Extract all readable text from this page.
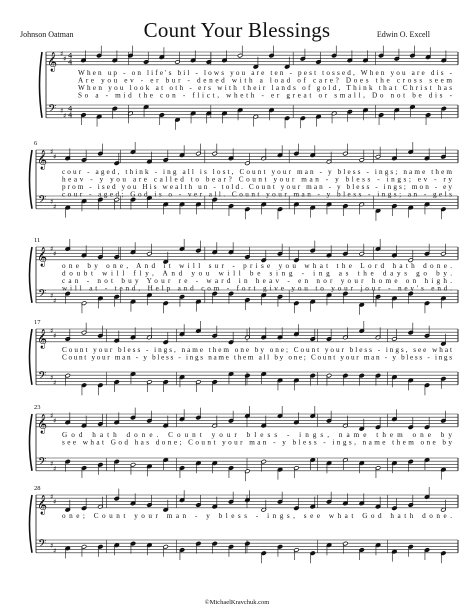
Count Your Blessings
Johnson Oatman	Edwin O. Excell
𝄞
𝄢
♯
♯
♯
♯
4
4
4
4
When up - on life's bil - lows you are ten - pest tossed, When you are dis -
Are you ev - er bur - dened with a load of care? Does the cross seem
When you look at oth - ers with their lands of gold, Think that Christ has
So a - mid the con - flict, wheth - er great or small, Do not be dis -
𝄞
𝄢
♯
♯
♯
♯
6
cour - aged, think - ing all is lost, Count your man - y bless - ings; name them
heav - y you are called to bear? Count your man - y bless - ings; ev - ry
prom - ised you His wealth un - told. Count your man - y bless - ings; mon - ey
cour - aged; God is o - ver all. Count your man - y bless - ings; an - gels
𝄞
𝄢
♯
♯
♯
♯
11
one by one, And it will sur - prise you what the Lord hath done.
doubt will fly, And you will be sing - ing as the days go by.
can - not buy Your re - ward in heav - en nor your home on high.
will at - tend, Help and com - fort give you to your jour - ney's end.
𝄞
𝄢
♯
♯
♯
♯
17
Count your bless - ings, name them one by one; Count your bless - ings, see what
Count your man - y bless - ings name them all by one; Count your man - y bless - ings
𝄞
𝄢
♯
♯
♯
♯
23
God hath done. Count your bless - ings, name them one by
see what God has done; Count your man - y bless - ings, name them one by
𝄞
𝄢
♯
♯
♯
♯
28
one; Count your man - y bless - ings, see what God hath done.
©MichaelKravchuk.com
